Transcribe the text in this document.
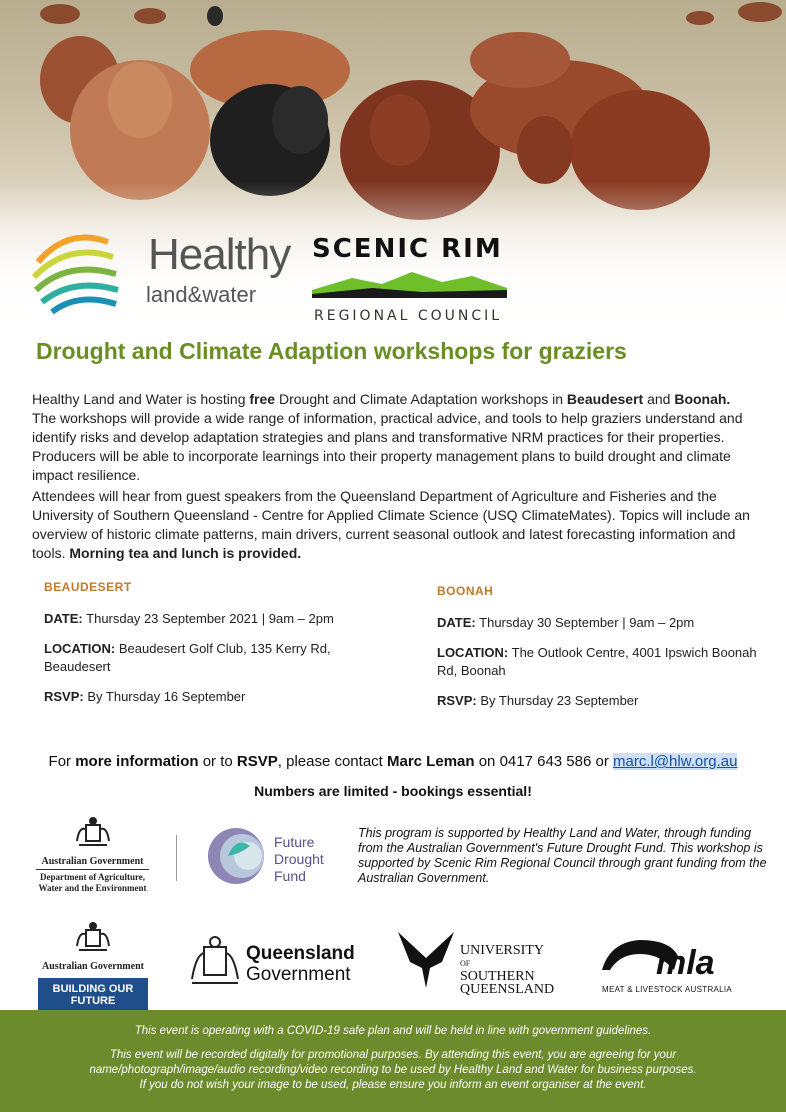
Healthy
land&water
SCENIC RIM
REGIONAL COUNCIL
Drought and Climate Adaption workshops for graziers

Healthy Land and Water is hosting free Drought and Climate Adaptation workshops in Beaudesert and Boonah. The workshops will provide a wide range of information, practical advice, and tools to help graziers understand and identify risks and develop adaptation strategies and plans and transformative NRM practices for their properties. Producers will be able to incorporate learnings into their property management plans to build drought and climate impact resilience.

Attendees will hear from guest speakers from the Queensland Department of Agriculture and Fisheries and the University of Southern Queensland - Centre for Applied Climate Science (USQ ClimateMates). Topics will include an overview of historic climate patterns, main drivers, current seasonal outlook and latest forecasting information and tools. Morning tea and lunch is provided.

BEAUDESERT
DATE: Thursday 23 September 2021 | 9am – 2pm
LOCATION: Beaudesert Golf Club, 135 Kerry Rd, Beaudesert
RSVP: By Thursday 16 September
BOONAH
DATE: Thursday 30 September | 9am – 2pm
LOCATION: The Outlook Centre, 4001 Ipswich Boonah Rd, Boonah
RSVP: By Thursday 23 September
For more information or to RSVP, please contact Marc Leman on 0417 643 586 or marc.l@hlw.org.au
Numbers are limited - bookings essential!
Australian Government
Department of Agriculture,
Water and the Environment
Future
Drought
Fund
This program is supported by Healthy Land and Water, through funding from the Australian Government's Future Drought Fund. This workshop is supported by Scenic Rim Regional Council through grant funding from the Australian Government.
Australian Government
BUILDING OUR FUTURE
Queensland
Government
UNIVERSITY
OF
SOUTHERN
QUEENSLAND
mla
MEAT & LIVESTOCK AUSTRALIA

This event is operating with a COVID-19 safe plan and will be held in line with government guidelines.

This event will be recorded digitally for promotional purposes. By attending this event, you are agreeing for your

name/photograph/image/audio recording/video recording to be used by Healthy Land and Water for business purposes.

If you do not wish your image to be used, please ensure you inform an event organiser at the event.
